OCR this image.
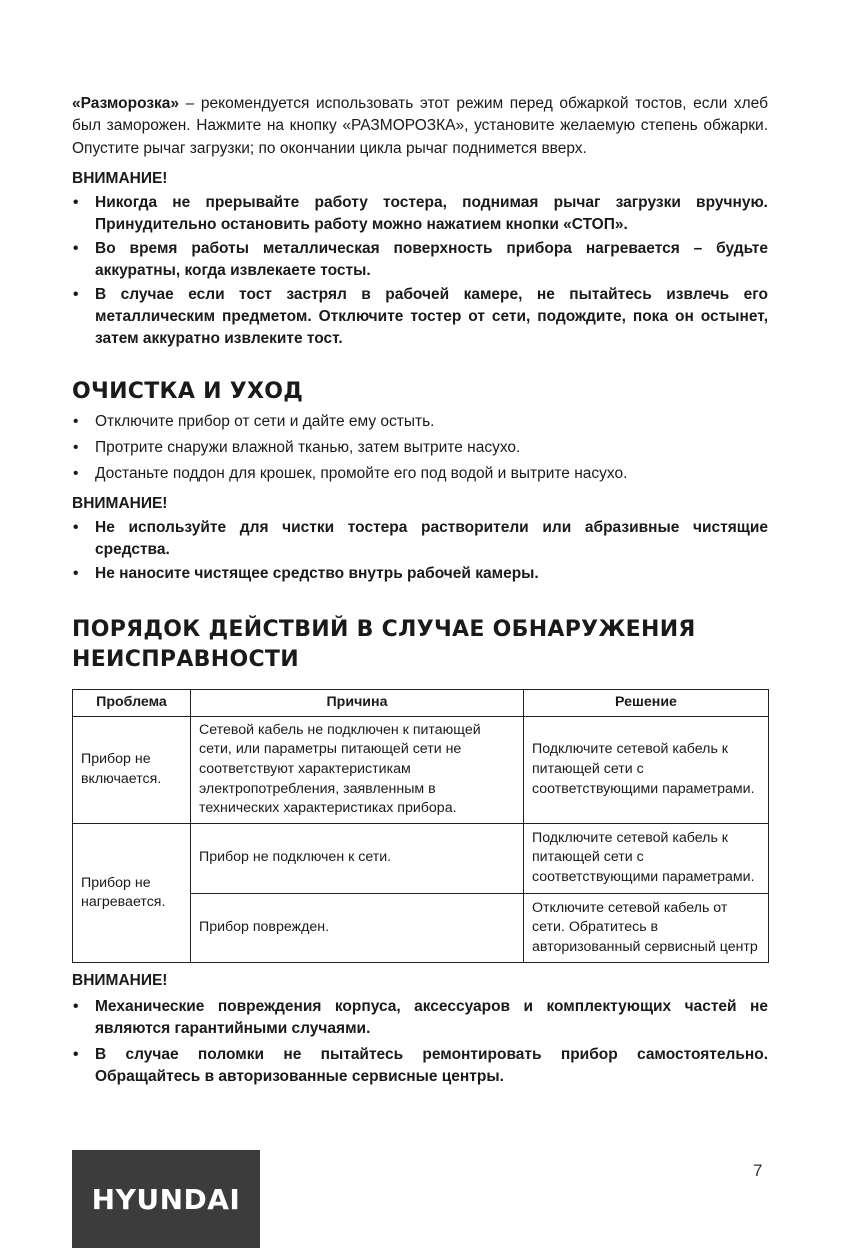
«Разморозка» – рекомендуется использовать этот режим перед обжаркой тостов, если хлеб был заморожен. Нажмите на кнопку «РАЗМОРОЗКА», установите желаемую степень обжарки. Опустите рычаг загрузки; по окончании цикла рычаг поднимется вверх.

ВНИМАНИЕ!
• Никогда не прерывайте работу тостера, поднимая рычаг загрузки вручную. Принудительно остановить работу можно нажатием кнопки «СТОП».
• Во время работы металлическая поверхность прибора нагревается – будьте аккуратны, когда извлекаете тосты.
• В случае если тост застрял в рабочей камере, не пытайтесь извлечь его металлическим предметом. Отключите тостер от сети, подождите, пока он остынет, затем аккуратно извлеките тост.
ОЧИСТКА И УХОД
• Отключите прибор от сети и дайте ему остыть.
• Протрите снаружи влажной тканью, затем вытрите насухо.
• Достаньте поддон для крошек, промойте его под водой и вытрите насухо.
ВНИМАНИЕ!
• Не используйте для чистки тостера растворители или абразивные чистящие средства.
• Не наносите чистящее средство внутрь рабочей камеры.
ПОРЯДОК ДЕЙСТВИЙ В СЛУЧАЕ ОБНАРУЖЕНИЯ НЕИСПРАВНОСТИ
Проблема	Причина	Решение
Прибор не включается.	Сетевой кабель не подключен к питающей сети, или параметры питающей сети не соответствуют характеристикам электропотребления, заявленным в технических характеристиках прибора.	Подключите сетевой кабель к питающей сети с соответствующими параметрами.
Прибор не нагревается.	Прибор не подключен к сети.	Подключите сетевой кабель к питающей сети с соответствующими параметрами.
	Прибор поврежден.	Отключите сетевой кабель от сети. Обратитесь в авторизованный сервисный центр
ВНИМАНИЕ!
• Механические повреждения корпуса, аксессуаров и комплектующих частей не являются гарантийными случаями.
• В случае поломки не пытайтесь ремонтировать прибор самостоятельно. Обращайтесь в авторизованные сервисные центры.
HYUNDAI
7
